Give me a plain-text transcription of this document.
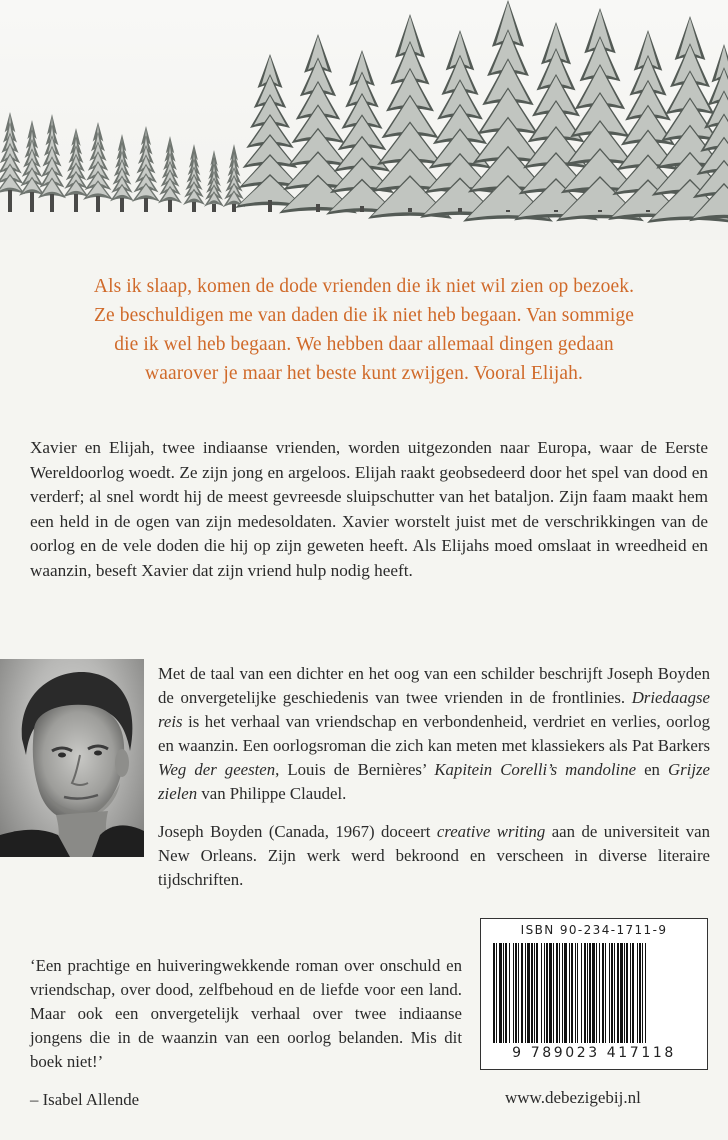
Als ik slaap, komen de dode vrienden die ik niet wil zien op bezoek.

Ze beschuldigen me van daden die ik niet heb begaan. Van sommige

die ik wel heb begaan. We hebben daar allemaal dingen gedaan

waarover je maar het beste kunt zwijgen. Vooral Elijah.

Xavier en Elijah, twee indiaanse vrienden, worden uitgezonden naar Europa, waar de Eerste Wereldoorlog woedt. Ze zijn jong en argeloos. Elijah raakt geobsedeerd door het spel van dood en verderf; al snel wordt hij de meest gevreesde sluipschutter van het bataljon. Zijn faam maakt hem een held in de ogen van zijn medesoldaten. Xavier worstelt juist met de verschrikkingen van de oorlog en de vele doden die hij op zijn geweten heeft. Als Elijahs moed omslaat in wreedheid en waanzin, beseft Xavier dat zijn vriend hulp nodig heeft.

Met de taal van een dichter en het oog van een schilder beschrijft Joseph Boyden de onvergetelijke geschiedenis van twee vrienden in de frontlinies. Driedaagse reis is het verhaal van vriendschap en verbondenheid, verdriet en verlies, oorlog en waanzin. Een oorlogsroman die zich kan meten met klassiekers als Pat Barkers Weg der geesten, Louis de Bernières’ Kapitein Corelli’s mandoline en Grijze zielen van Philippe Claudel.

Joseph Boyden (Canada, 1967) doceert creative writing aan de universiteit van New Orleans. Zijn werk werd bekroond en verscheen in diverse literaire tijdschriften.

‘Een prachtige en huiveringwekkende roman over onschuld en vriendschap, over dood, zelfbehoud en de liefde voor een land. Maar ook een onvergetelijk verhaal over twee indiaanse jongens die in de waanzin van een oorlog belanden. Mis dit boek niet!’

– Isabel Allende
ISBN 90-234-1711-9
9 789023 417118
www.debezigebij.nl
